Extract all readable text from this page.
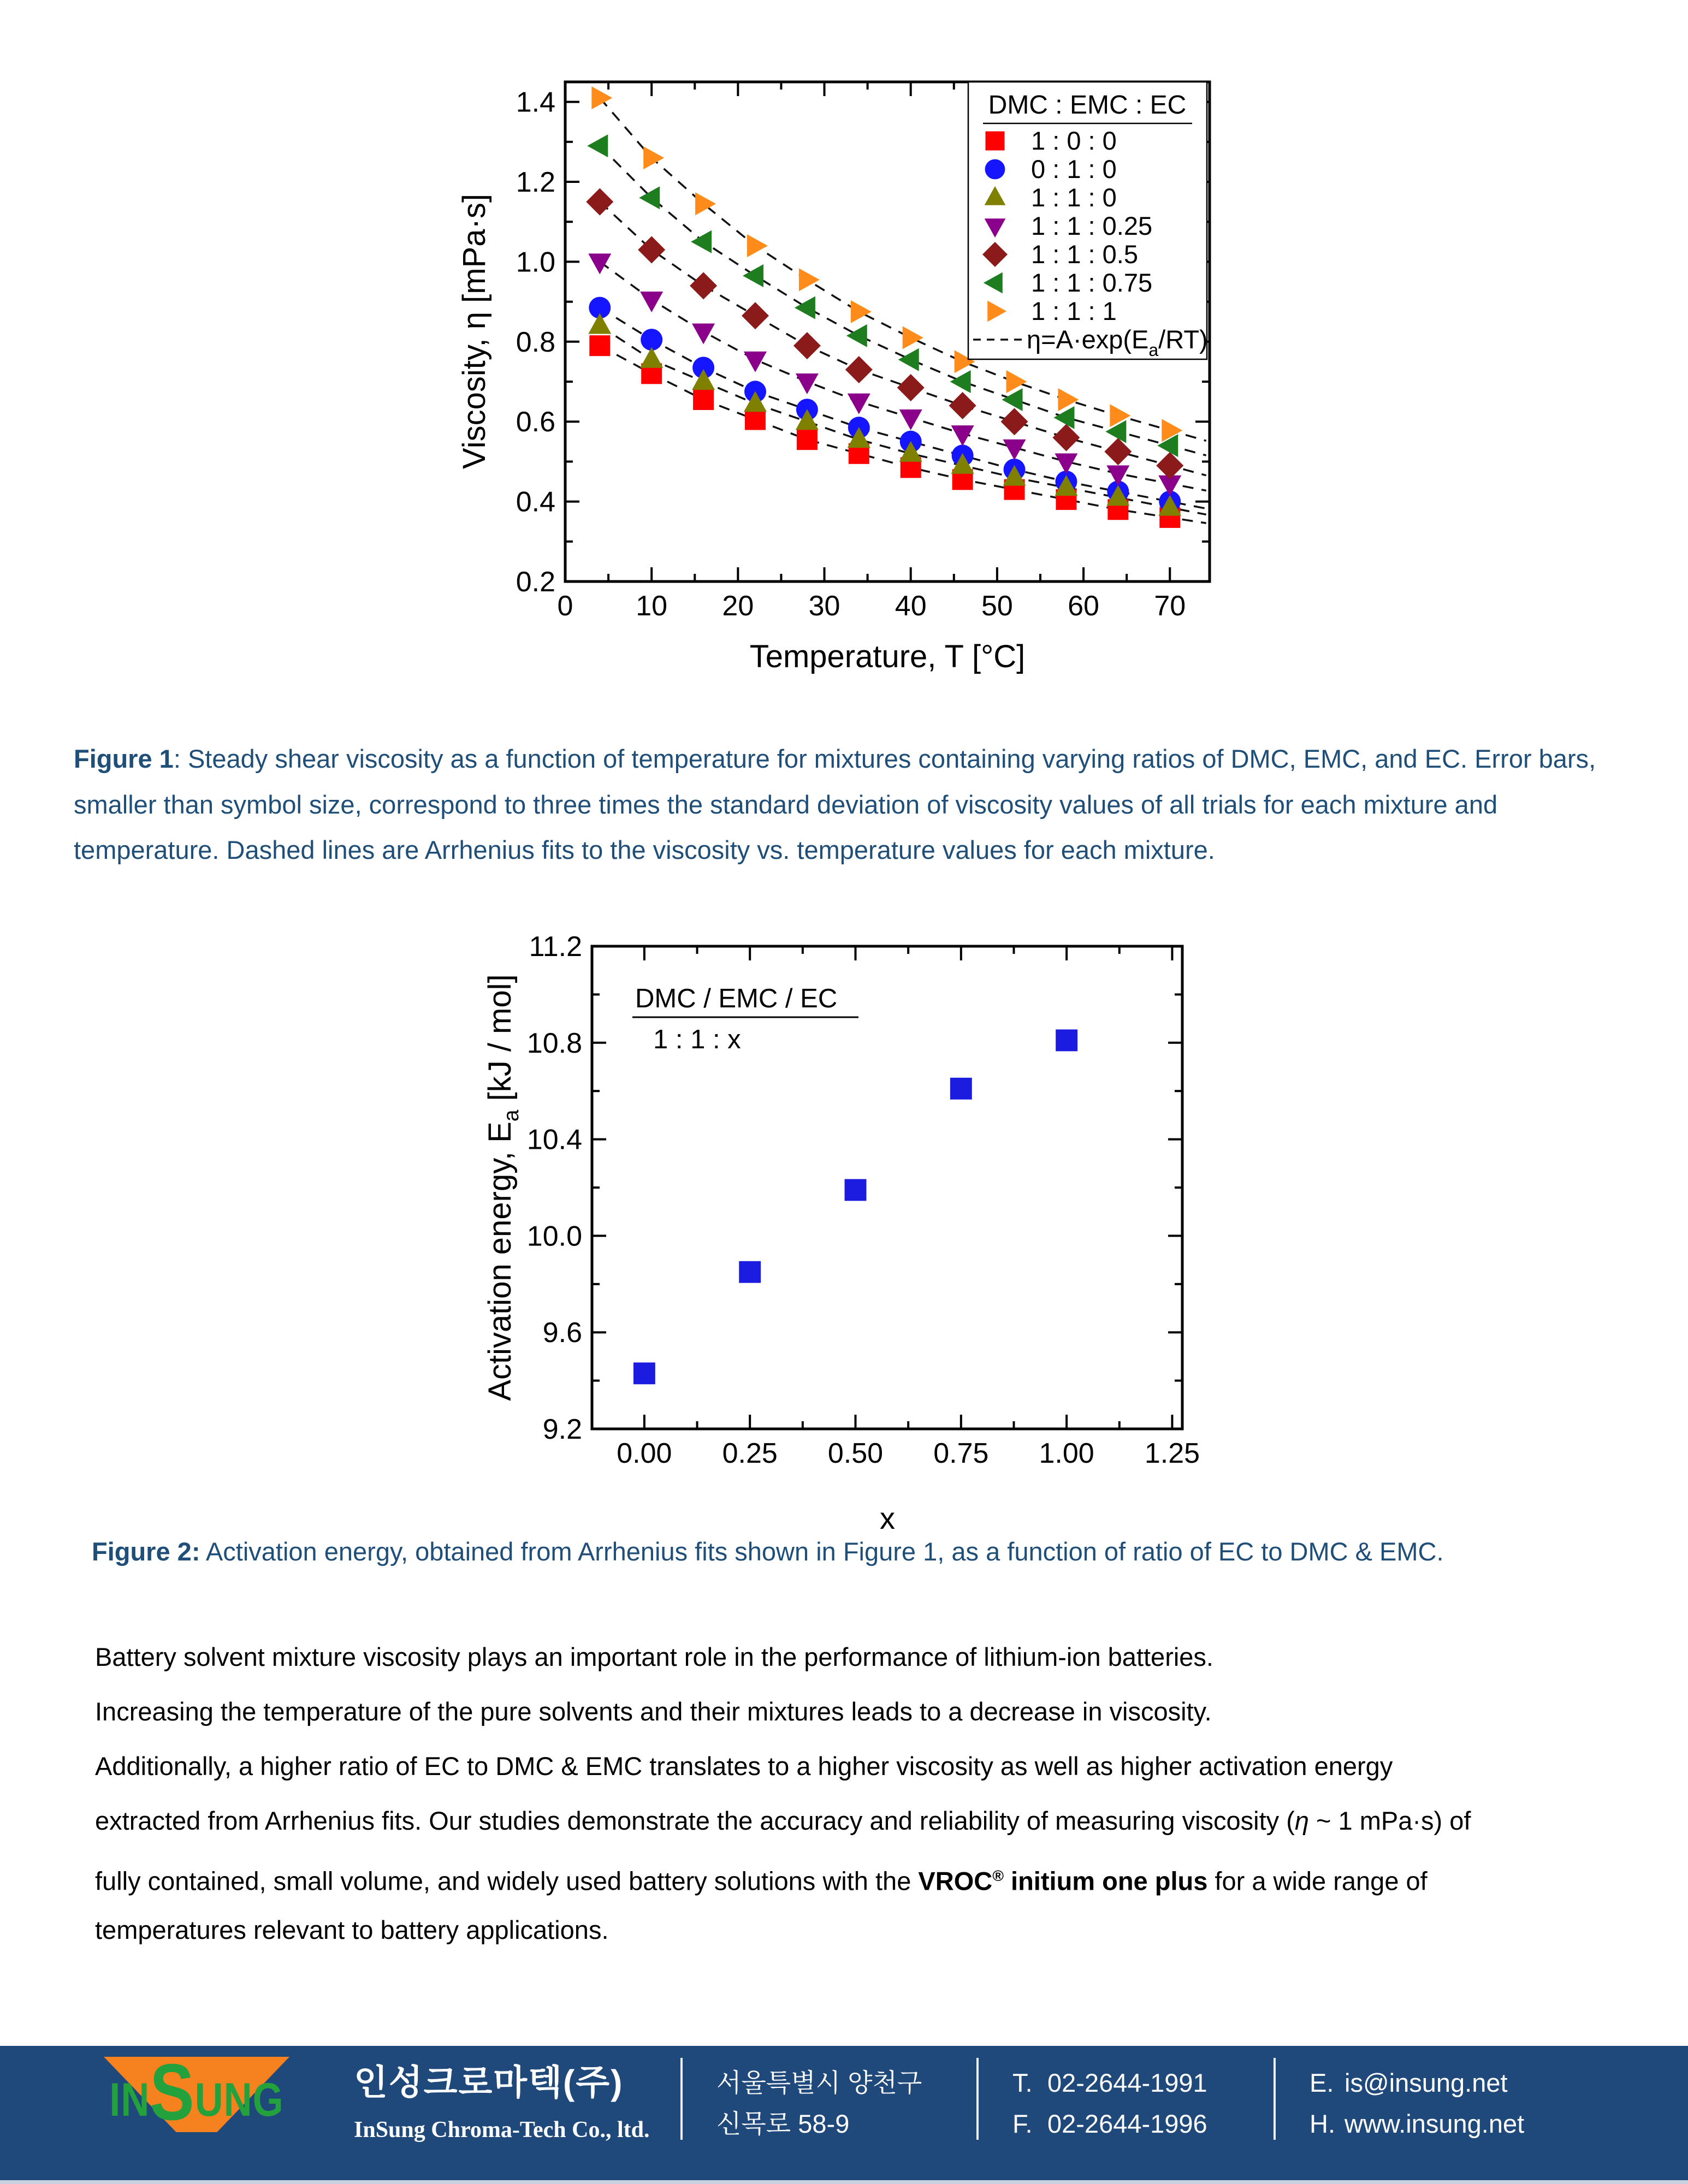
0 10 20 30 40 50 60 70
0.2
0.4
0.6
0.8
1.0
1.2
1.4
Temperature, T [°C]
Viscosity, η [mPa·s]
DMC : EMC : EC
1 : 0 : 0
0 : 1 : 0
1 : 1 : 0
1 : 1 : 0.25
1 : 1 : 0.5
1 : 1 : 0.75
1 : 1 : 1
$\eta=A\cdot\exp(E_a/RT)$
0.00 0.25 0.50 0.75 1.00 1.25
9.2
9.6
10.0
10.4
10.8
11.2
DMC / EMC / EC
1 : 1 : x
x
Activation energy, $E_a$ [kJ / mol]
Figure 1: Steady shear viscosity as a function of temperature for mixtures containing varying ratios of DMC, EMC, and EC. Error bars, smaller than symbol size, correspond to three times the standard deviation of viscosity values of all trials for each mixture and temperature. Dashed lines are Arrhenius fits to the viscosity vs. temperature values for each mixture.
Figure 2: Activation energy, obtained from Arrhenius fits shown in Figure 1, as a function of ratio of EC to DMC & EMC.
Battery solvent mixture viscosity plays an important role in the performance of lithium-ion batteries.
Increasing the temperature of the pure solvents and their mixtures leads to a decrease in viscosity.
Additionally, a higher ratio of EC to DMC & EMC translates to a higher viscosity as well as higher activation energy
extracted from Arrhenius fits. Our studies demonstrate the accuracy and reliability of measuring viscosity (η ~ 1 mPa·s) of
fully contained, small volume, and widely used battery solutions with the VROC® initium one plus for a wide range of
temperatures relevant to battery applications.
INSUNG 인성크로마텍(주)
InSung Chroma-Tech Co., ltd.
서울특별시 양천구
신목로 58-9
T. 02-2644-1991
F. 02-2644-1996
E. is@insung.net
H. www.insung.net
